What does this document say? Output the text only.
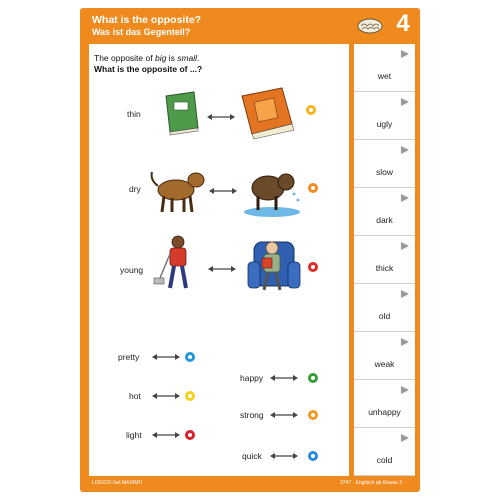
What is the opposite?
Was ist das Gegenteil?	4
The opposite of big is small.
What is the opposite of ...?
thin
dry
young
pretty
hot
light
happy
strong
quick
wet
ugly
slow
dark
thick
old
weak
unhappy
cold
LOGICO-Set MAXIMO	3747 · Englisch ab Klasse 3
